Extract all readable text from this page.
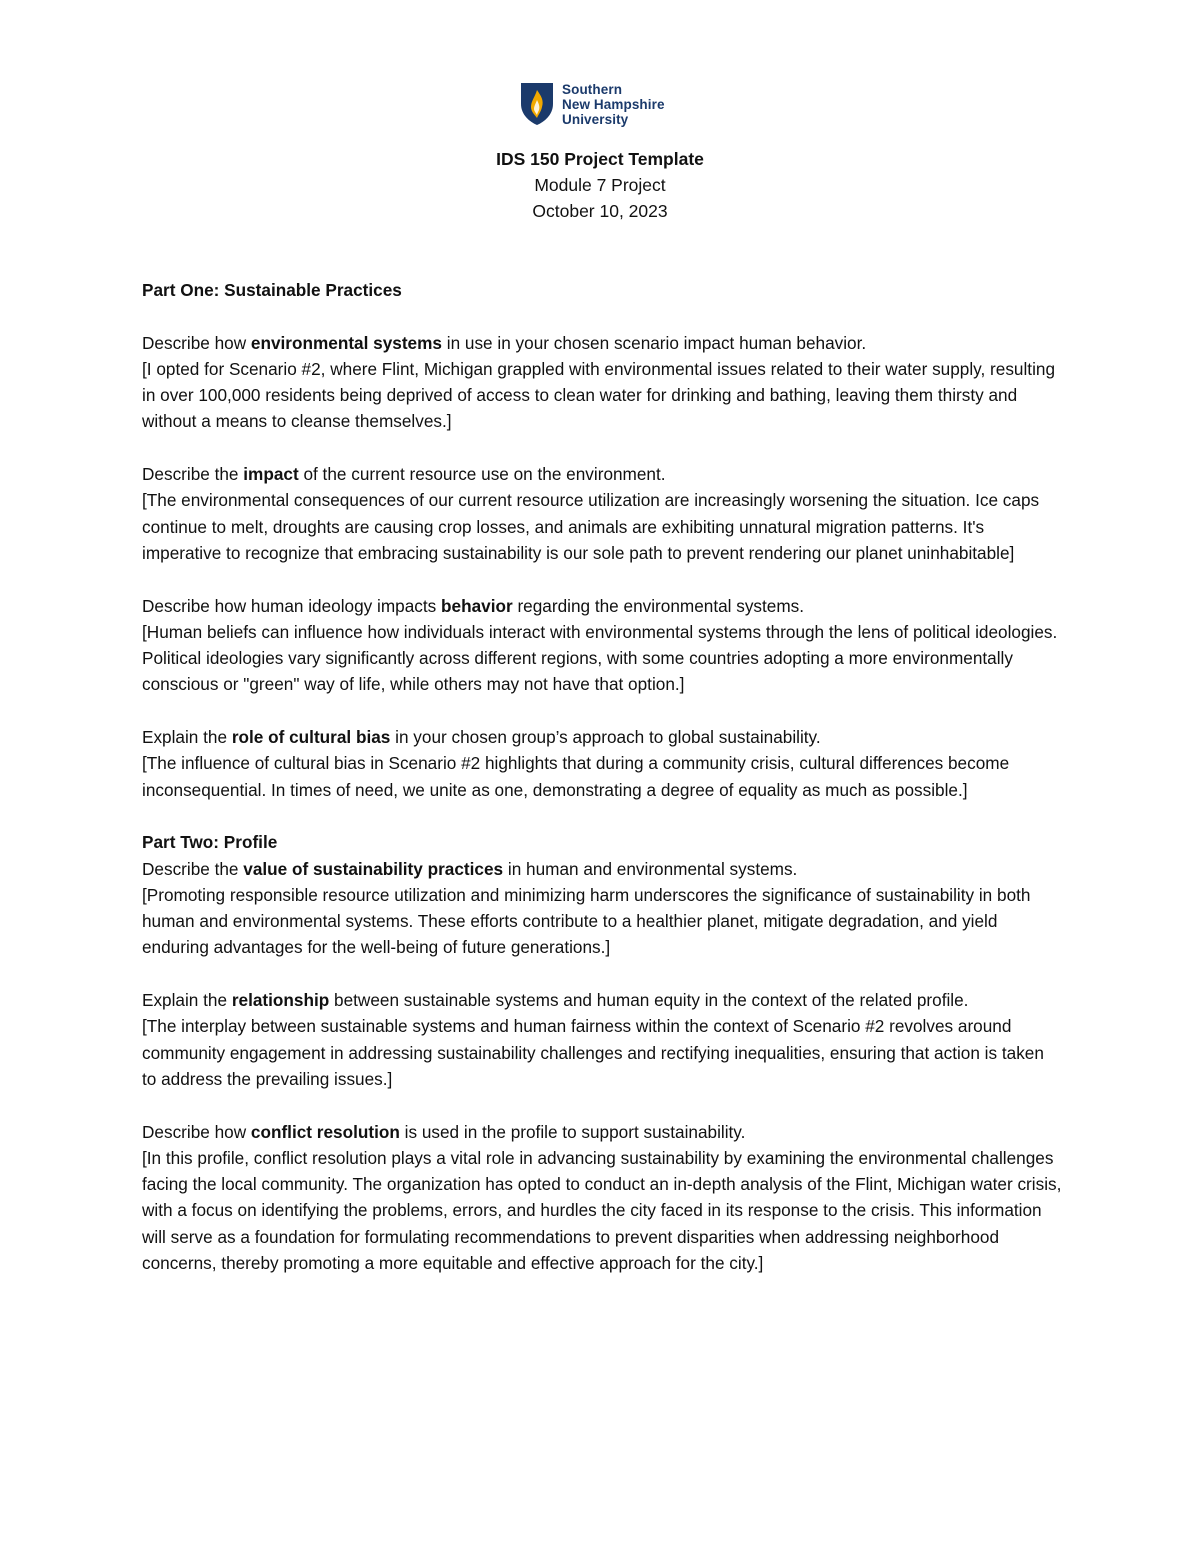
Southern
New Hampshire
University
IDS 150 Project Template
Module 7 Project
October 10, 2023

Part One: Sustainable Practices

Describe how environmental systems in use in your chosen scenario impact human behavior.

[I opted for Scenario #2, where Flint, Michigan grappled with environmental issues related to their water supply, resulting in over 100,000 residents being deprived of access to clean water for drinking and bathing, leaving them thirsty and without a means to cleanse themselves.]

Describe the impact of the current resource use on the environment.

[The environmental consequences of our current resource utilization are increasingly worsening the situation. Ice caps continue to melt, droughts are causing crop losses, and animals are exhibiting unnatural migration patterns. It's imperative to recognize that embracing sustainability is our sole path to prevent rendering our planet uninhabitable]

Describe how human ideology impacts behavior regarding the environmental systems.

[Human beliefs can influence how individuals interact with environmental systems through the lens of political ideologies. Political ideologies vary significantly across different regions, with some countries adopting a more environmentally conscious or "green" way of life, while others may not have that option.]

Explain the role of cultural bias in your chosen group’s approach to global sustainability.

[The influence of cultural bias in Scenario #2 highlights that during a community crisis, cultural differences become inconsequential. In times of need, we unite as one, demonstrating a degree of equality as much as possible.]

Part Two: Profile

Describe the value of sustainability practices in human and environmental systems.

[Promoting responsible resource utilization and minimizing harm underscores the significance of sustainability in both human and environmental systems. These efforts contribute to a healthier planet, mitigate degradation, and yield enduring advantages for the well-being of future generations.]

Explain the relationship between sustainable systems and human equity in the context of the related profile.

[The interplay between sustainable systems and human fairness within the context of Scenario #2 revolves around community engagement in addressing sustainability challenges and rectifying inequalities, ensuring that action is taken to address the prevailing issues.]

Describe how conflict resolution is used in the profile to support sustainability.

[In this profile, conflict resolution plays a vital role in advancing sustainability by examining the environmental challenges facing the local community. The organization has opted to conduct an in-depth analysis of the Flint, Michigan water crisis, with a focus on identifying the problems, errors, and hurdles the city faced in its response to the crisis. This information will serve as a foundation for formulating recommendations to prevent disparities when addressing neighborhood concerns, thereby promoting a more equitable and effective approach for the city.]
